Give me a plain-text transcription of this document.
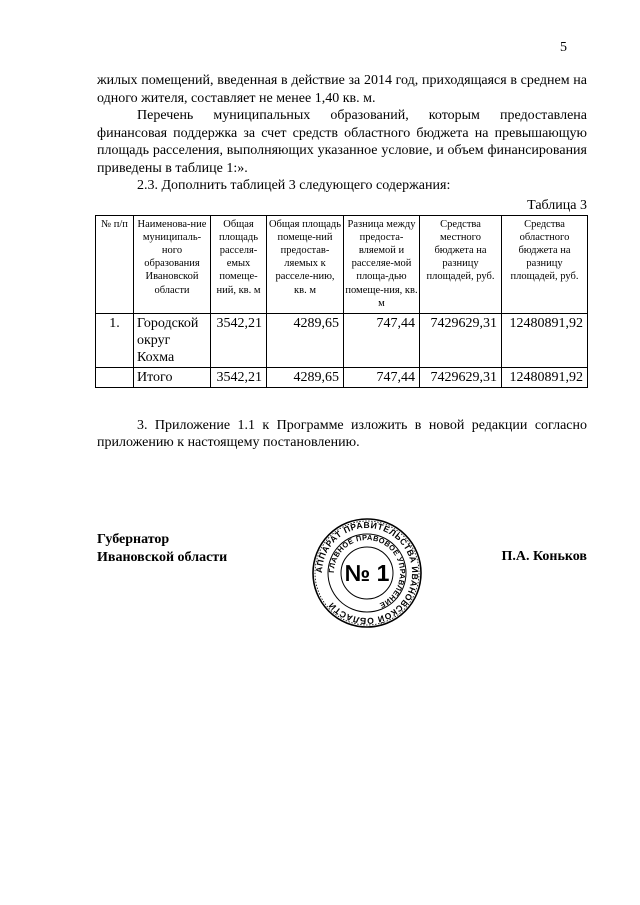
5

жилых помещений, введенная в действие за 2014 год, приходящаяся в среднем на одного жителя, составляет не менее 1,40 кв. м.

Перечень муниципальных образований, которым предоставлена финансовая поддержка за счет средств областного бюджета на превышающую площадь расселения, выполняющих указанное условие, и объем финансирования приведены в таблице 1:».

2.3. Дополнить таблицей 3 следующего содержания:

Таблица 3
№ п/п	Наименова-ние муниципаль-ного образования Ивановской области	Общая площадь расселя-емых помеще-ний, кв. м	Общая площадь помеще-ний предостав-ляемых к расселе-нию, кв. м	Разница между предоста-вляемой и расселяе-мой площа-дью помеще-ния, кв. м	Средства местного бюджета на разницу площадей, руб.	Средства областного бюджета на разницу площадей, руб.
1.	Городской округ Кохма	3542,21	4289,65	747,44	7429629,31	12480891,92
	Итого	3542,21	4289,65	747,44	7429629,31	12480891,92

3. Приложение 1.1 к Программе изложить в новой редакции согласно приложению к настоящему постановлению.

Губернатор
Ивановской области
АППАРАТ ПРАВИТЕЛЬСТВА ИВАНОВСКОЙ ОБЛАСТИ
ГЛАВНОЕ ПРАВОВОЕ УПРАВЛЕНИЕ
№ 1
П.А. Коньков
